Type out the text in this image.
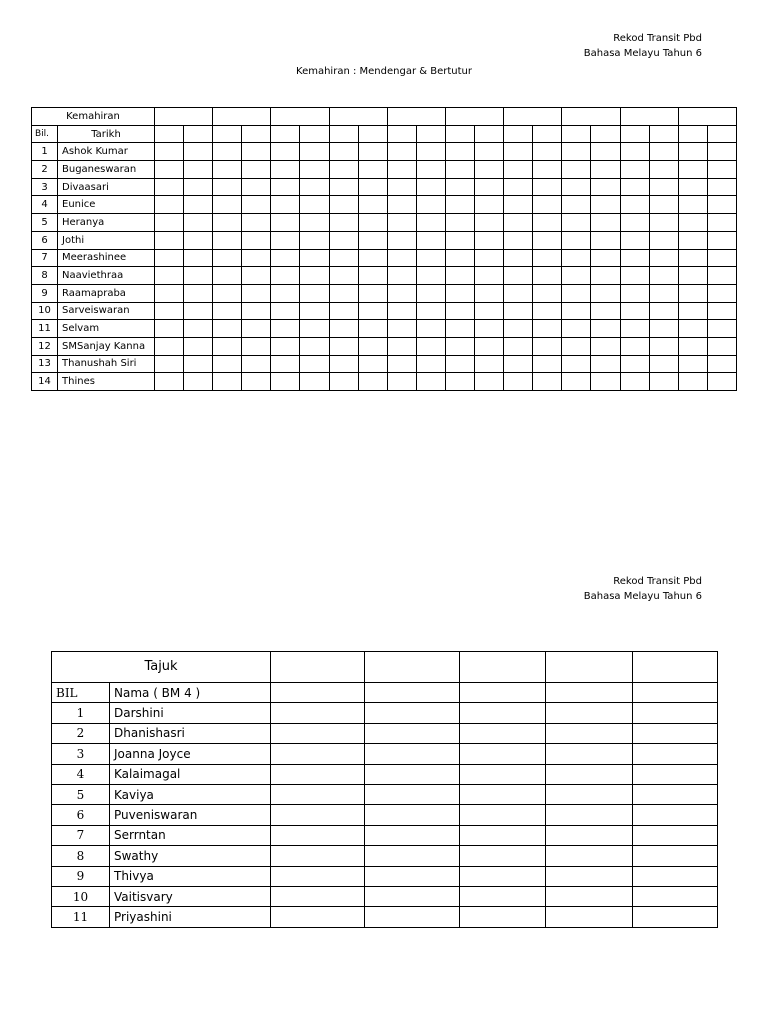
Rekod Transit Pbd
Bahasa Melayu Tahun 6
Kemahiran : Mendengar & Bertutur
Kemahiran																					
Bil.	Tarikh																				
1	Ashok Kumar																				
2	Buganeswaran																				
3	Divaasari																				
4	Eunice																				
5	Heranya																				
6	Jothi																				
7	Meerashinee																				
8	Naaviethraa																				
9	Raamapraba																				
10	Sarveiswaran																				
11	Selvam																				
12	SMSanjay Kanna																				
13	Thanushah Siri																				
14	Thines																				
Rekod Transit Pbd
Bahasa Melayu Tahun 6
Tajuk						
BIL	Nama ( BM 4 )					
1	Darshini					
2	Dhanishasri					
3	Joanna Joyce					
4	Kalaimagal					
5	Kaviya					
6	Puveniswaran					
7	Serrntan					
8	Swathy					
9	Thivya					
10	Vaitisvary					
11	Priyashini					
